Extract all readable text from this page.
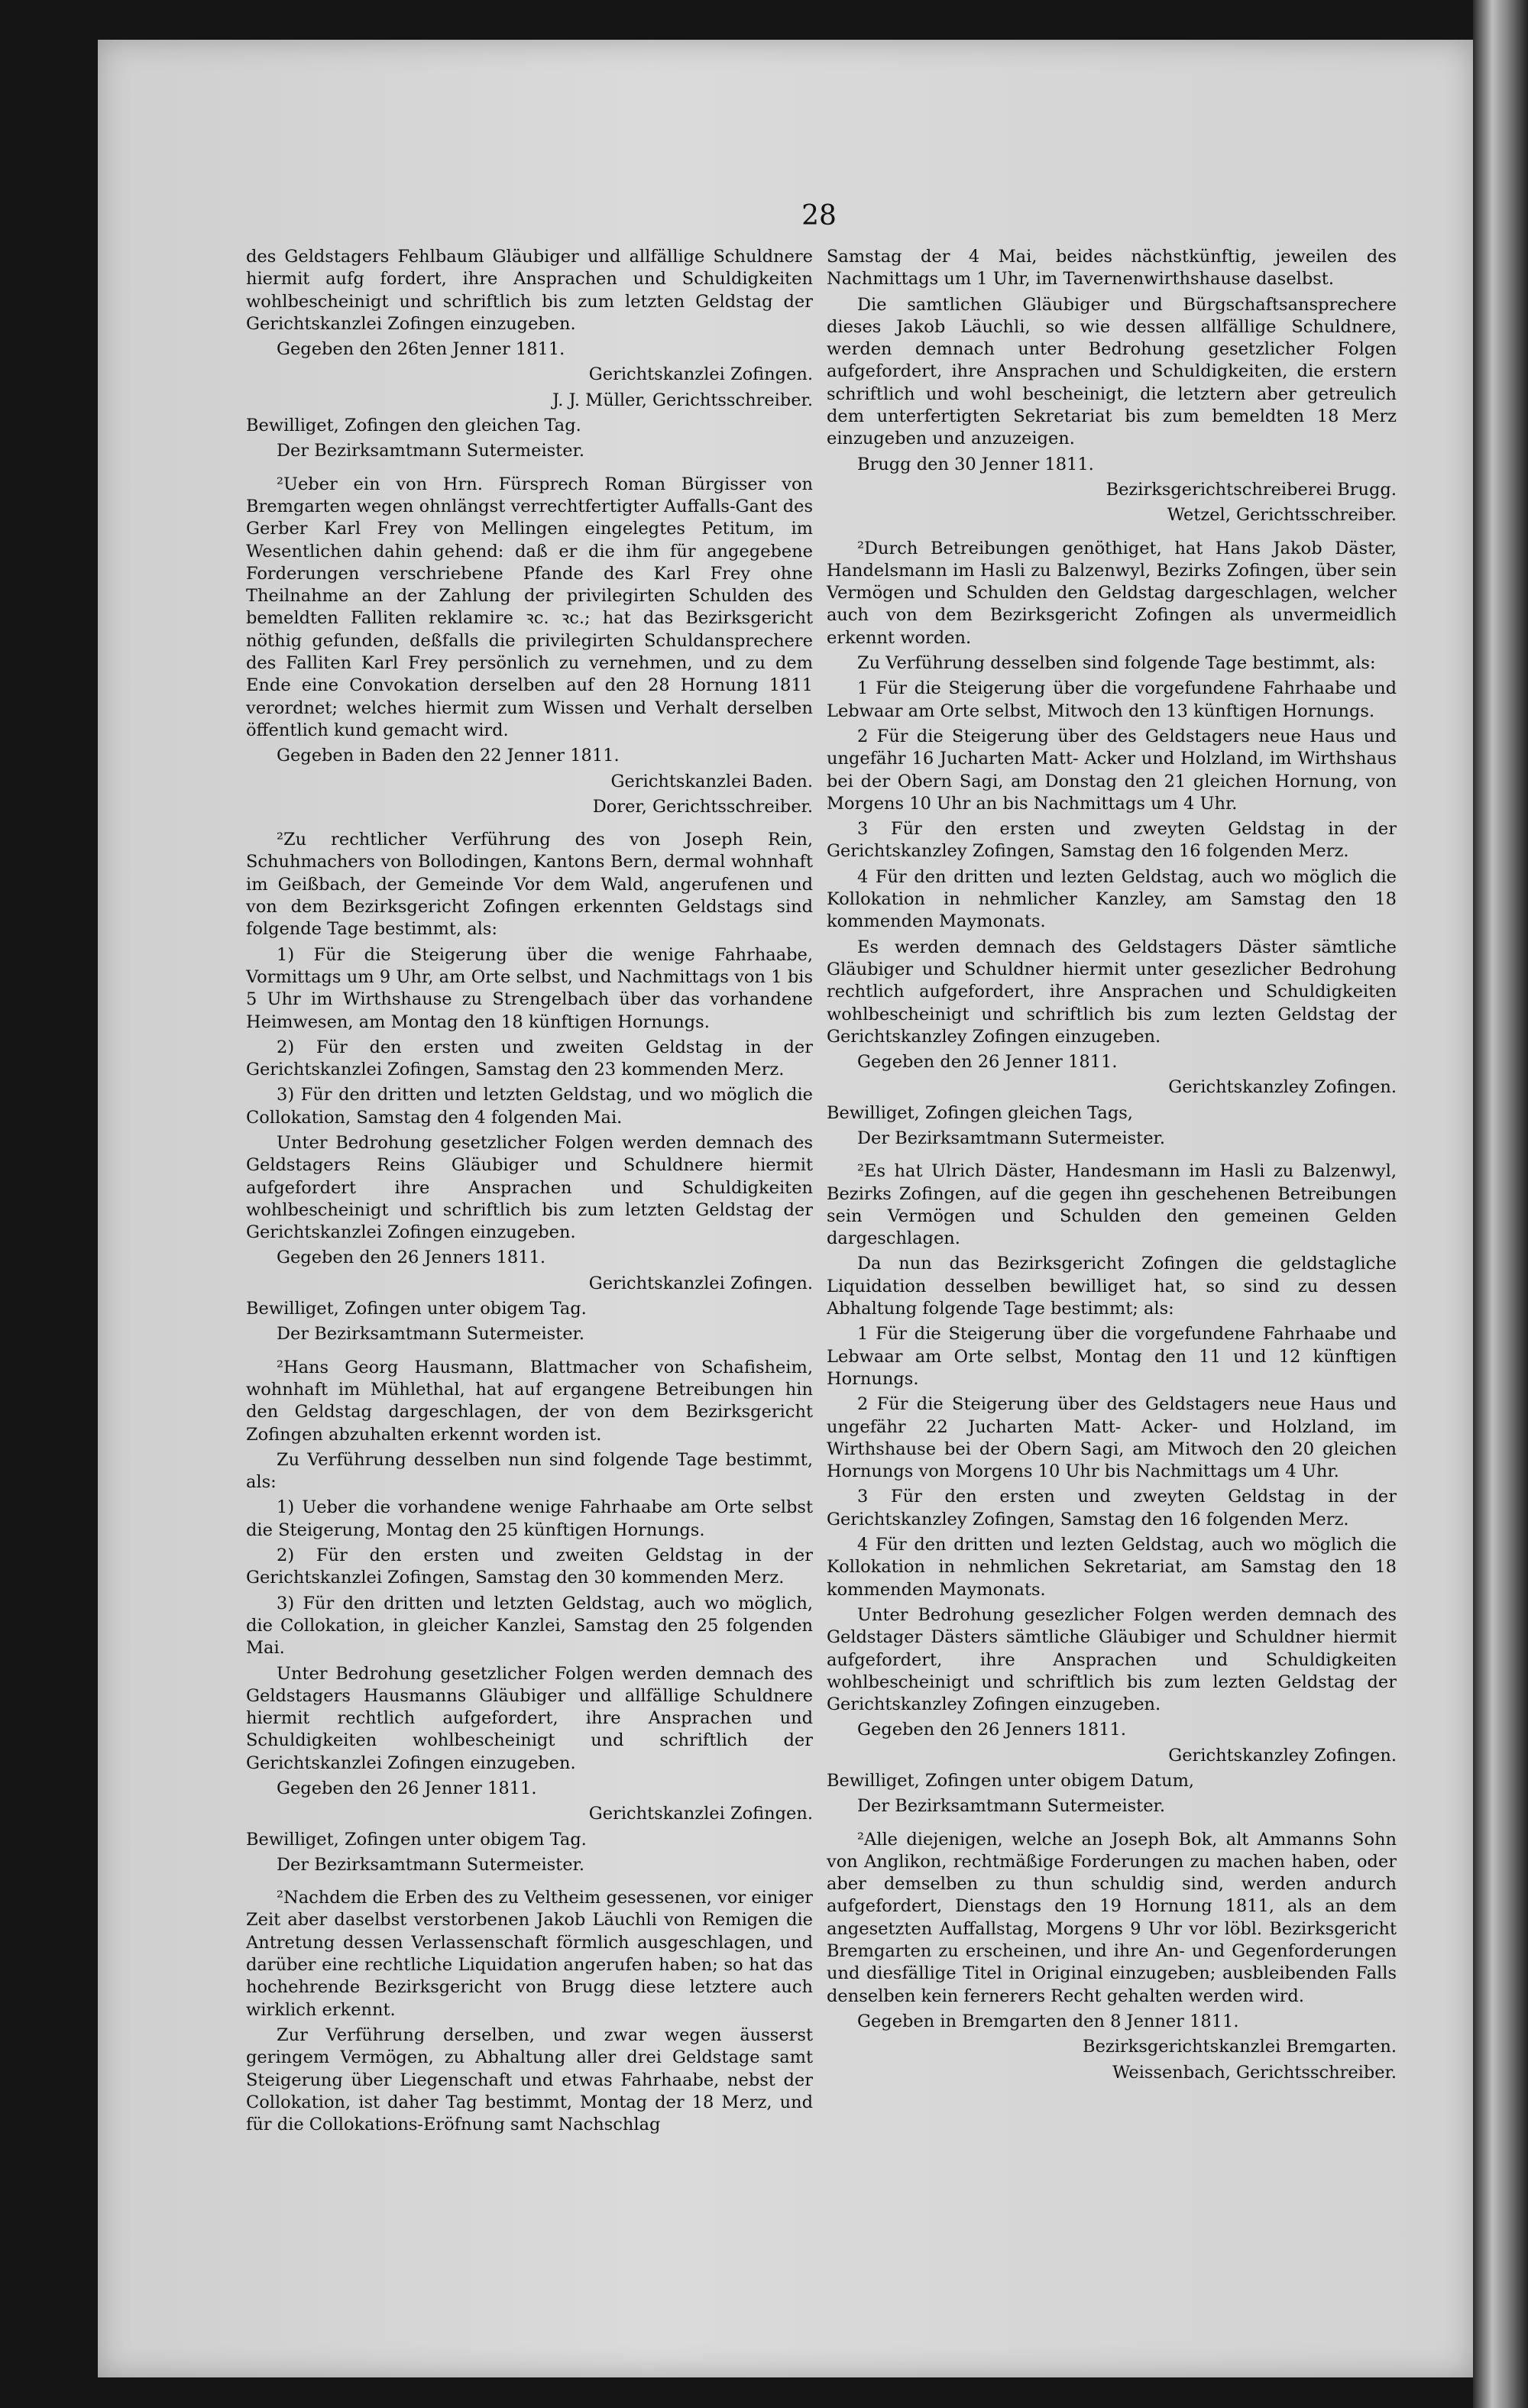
28

des Geldstagers Fehlbaum Gläubiger und allfällige Schuldnere hiermit aufg fordert, ihre Ansprachen und Schuldigkeiten wohlbescheinigt und schriftlich bis zum letzten Geldstag der Gerichtskanzlei Zofingen einzugeben.

Gegeben den 26ten Jenner 1811.

Gerichtskanzlei Zofingen.

J. J. Müller, Gerichtsschreiber.

Bewilliget, Zofingen den gleichen Tag.

Der Bezirksamtmann Sutermeister.

²Ueber ein von Hrn. Fürsprech Roman Bürgisser von Bremgarten wegen ohnlängst verrechtfertigter Auffalls-Gant des Gerber Karl Frey von Mellingen eingelegtes Petitum, im Wesentlichen dahin gehend: daß er die ihm für angegebene Forderungen verschriebene Pfande des Karl Frey ohne Theilnahme an der Zahlung der privilegirten Schulden des bemeldten Falliten reklamire ꝛc. ꝛc.; hat das Bezirksgericht nöthig gefunden, deßfalls die privilegirten Schuldansprechere des Falliten Karl Frey persönlich zu vernehmen, und zu dem Ende eine Convokation derselben auf den 28 Hornung 1811 verordnet; welches hiermit zum Wissen und Verhalt derselben öffentlich kund gemacht wird.

Gegeben in Baden den 22 Jenner 1811.

Gerichtskanzlei Baden.

Dorer, Gerichtsschreiber.

²Zu rechtlicher Verführung des von Joseph Rein, Schuhmachers von Bollodingen, Kantons Bern, dermal wohnhaft im Geißbach, der Gemeinde Vor dem Wald, angerufenen und von dem Bezirksgericht Zofingen erkennten Geldstags sind folgende Tage bestimmt, als:

1) Für die Steigerung über die wenige Fahrhaabe, Vormittags um 9 Uhr, am Orte selbst, und Nachmittags von 1 bis 5 Uhr im Wirthshause zu Strengelbach über das vorhandene Heimwesen, am Montag den 18 künftigen Hornungs.

2) Für den ersten und zweiten Geldstag in der Gerichtskanzlei Zofingen, Samstag den 23 kommenden Merz.

3) Für den dritten und letzten Geldstag, und wo möglich die Collokation, Samstag den 4 folgenden Mai.

Unter Bedrohung gesetzlicher Folgen werden demnach des Geldstagers Reins Gläubiger und Schuldnere hiermit aufgefordert ihre Ansprachen und Schuldigkeiten wohlbescheinigt und schriftlich bis zum letzten Geldstag der Gerichtskanzlei Zofingen einzugeben.

Gegeben den 26 Jenners 1811.

Gerichtskanzlei Zofingen.

Bewilliget, Zofingen unter obigem Tag.

Der Bezirksamtmann Sutermeister.

²Hans Georg Hausmann, Blattmacher von Schafisheim, wohnhaft im Mühlethal, hat auf ergangene Betreibungen hin den Geldstag dargeschlagen, der von dem Bezirksgericht Zofingen abzuhalten erkennt worden ist.

Zu Verführung desselben nun sind folgende Tage bestimmt, als:

1) Ueber die vorhandene wenige Fahrhaabe am Orte selbst die Steigerung, Montag den 25 künftigen Hornungs.

2) Für den ersten und zweiten Geldstag in der Gerichtskanzlei Zofingen, Samstag den 30 kommenden Merz.

3) Für den dritten und letzten Geldstag, auch wo möglich, die Collokation, in gleicher Kanzlei, Samstag den 25 folgenden Mai.

Unter Bedrohung gesetzlicher Folgen werden demnach des Geldstagers Hausmanns Gläubiger und allfällige Schuldnere hiermit rechtlich aufgefordert, ihre Ansprachen und Schuldigkeiten wohlbescheinigt und schriftlich der Gerichtskanzlei Zofingen einzugeben.

Gegeben den 26 Jenner 1811.

Gerichtskanzlei Zofingen.

Bewilliget, Zofingen unter obigem Tag.

Der Bezirksamtmann Sutermeister.

²Nachdem die Erben des zu Veltheim gesessenen, vor einiger Zeit aber daselbst verstorbenen Jakob Läuchli von Remigen die Antretung dessen Verlassenschaft förmlich ausgeschlagen, und darüber eine rechtliche Liquidation angerufen haben; so hat das hochehrende Bezirksgericht von Brugg diese letztere auch wirklich erkennt.

Zur Verführung derselben, und zwar wegen äusserst geringem Vermögen, zu Abhaltung aller drei Geldstage samt Steigerung über Liegenschaft und etwas Fahrhaabe, nebst der Collokation, ist daher Tag bestimmt, Montag der 18 Merz, und für die Collokations-Eröfnung samt Nachschlag

Samstag der 4 Mai, beides nächstkünftig, jeweilen des Nachmittags um 1 Uhr, im Tavernenwirthshause daselbst.

Die samtlichen Gläubiger und Bürgschaftsansprechere dieses Jakob Läuchli, so wie dessen allfällige Schuldnere, werden demnach unter Bedrohung gesetzlicher Folgen aufgefordert, ihre Ansprachen und Schuldigkeiten, die erstern schriftlich und wohl bescheinigt, die letztern aber getreulich dem unterfertigten Sekretariat bis zum bemeldten 18 Merz einzugeben und anzuzeigen.

Brugg den 30 Jenner 1811.

Bezirksgerichtschreiberei Brugg.

Wetzel, Gerichtsschreiber.

²Durch Betreibungen genöthiget, hat Hans Jakob Däster, Handelsmann im Hasli zu Balzenwyl, Bezirks Zofingen, über sein Vermögen und Schulden den Geldstag dargeschlagen, welcher auch von dem Bezirksgericht Zofingen als unvermeidlich erkennt worden.

Zu Verführung desselben sind folgende Tage bestimmt, als:

1 Für die Steigerung über die vorgefundene Fahrhaabe und Lebwaar am Orte selbst, Mitwoch den 13 künftigen Hornungs.

2 Für die Steigerung über des Geldstagers neue Haus und ungefähr 16 Jucharten Matt- Acker und Holzland, im Wirthshaus bei der Obern Sagi, am Donstag den 21 gleichen Hornung, von Morgens 10 Uhr an bis Nachmittags um 4 Uhr.

3 Für den ersten und zweyten Geldstag in der Gerichtskanzley Zofingen, Samstag den 16 folgenden Merz.

4 Für den dritten und lezten Geldstag, auch wo möglich die Kollokation in nehmlicher Kanzley, am Samstag den 18 kommenden Maymonats.

Es werden demnach des Geldstagers Däster sämtliche Gläubiger und Schuldner hiermit unter gesezlicher Bedrohung rechtlich aufgefordert, ihre Ansprachen und Schuldigkeiten wohlbescheinigt und schriftlich bis zum lezten Geldstag der Gerichtskanzley Zofingen einzugeben.

Gegeben den 26 Jenner 1811.

Gerichtskanzley Zofingen.

Bewilliget, Zofingen gleichen Tags,

Der Bezirksamtmann Sutermeister.

²Es hat Ulrich Däster, Handesmann im Hasli zu Balzenwyl, Bezirks Zofingen, auf die gegen ihn geschehenen Betreibungen sein Vermögen und Schulden den gemeinen Gelden dargeschlagen.

Da nun das Bezirksgericht Zofingen die geldstagliche Liquidation desselben bewilliget hat, so sind zu dessen Abhaltung folgende Tage bestimmt; als:

1 Für die Steigerung über die vorgefundene Fahrhaabe und Lebwaar am Orte selbst, Montag den 11 und 12 künftigen Hornungs.

2 Für die Steigerung über des Geldstagers neue Haus und ungefähr 22 Jucharten Matt- Acker- und Holzland, im Wirthshause bei der Obern Sagi, am Mitwoch den 20 gleichen Hornungs von Morgens 10 Uhr bis Nachmittags um 4 Uhr.

3 Für den ersten und zweyten Geldstag in der Gerichtskanzley Zofingen, Samstag den 16 folgenden Merz.

4 Für den dritten und lezten Geldstag, auch wo möglich die Kollokation in nehmlichen Sekretariat, am Samstag den 18 kommenden Maymonats.

Unter Bedrohung gesezlicher Folgen werden demnach des Geldstager Dästers sämtliche Gläubiger und Schuldner hiermit aufgefordert, ihre Ansprachen und Schuldigkeiten wohlbescheinigt und schriftlich bis zum lezten Geldstag der Gerichtskanzley Zofingen einzugeben.

Gegeben den 26 Jenners 1811.

Gerichtskanzley Zofingen.

Bewilliget, Zofingen unter obigem Datum,

Der Bezirksamtmann Sutermeister.

²Alle diejenigen, welche an Joseph Bok, alt Ammanns Sohn von Anglikon, rechtmäßige Forderungen zu machen haben, oder aber demselben zu thun schuldig sind, werden andurch aufgefordert, Dienstags den 19 Hornung 1811, als an dem angesetzten Auffallstag, Morgens 9 Uhr vor löbl. Bezirksgericht Bremgarten zu erscheinen, und ihre An- und Gegenforderungen und diesfällige Titel in Original einzugeben; ausbleibenden Falls denselben kein fernerers Recht gehalten werden wird.

Gegeben in Bremgarten den 8 Jenner 1811.

Bezirksgerichtskanzlei Bremgarten.

Weissenbach, Gerichtsschreiber.
